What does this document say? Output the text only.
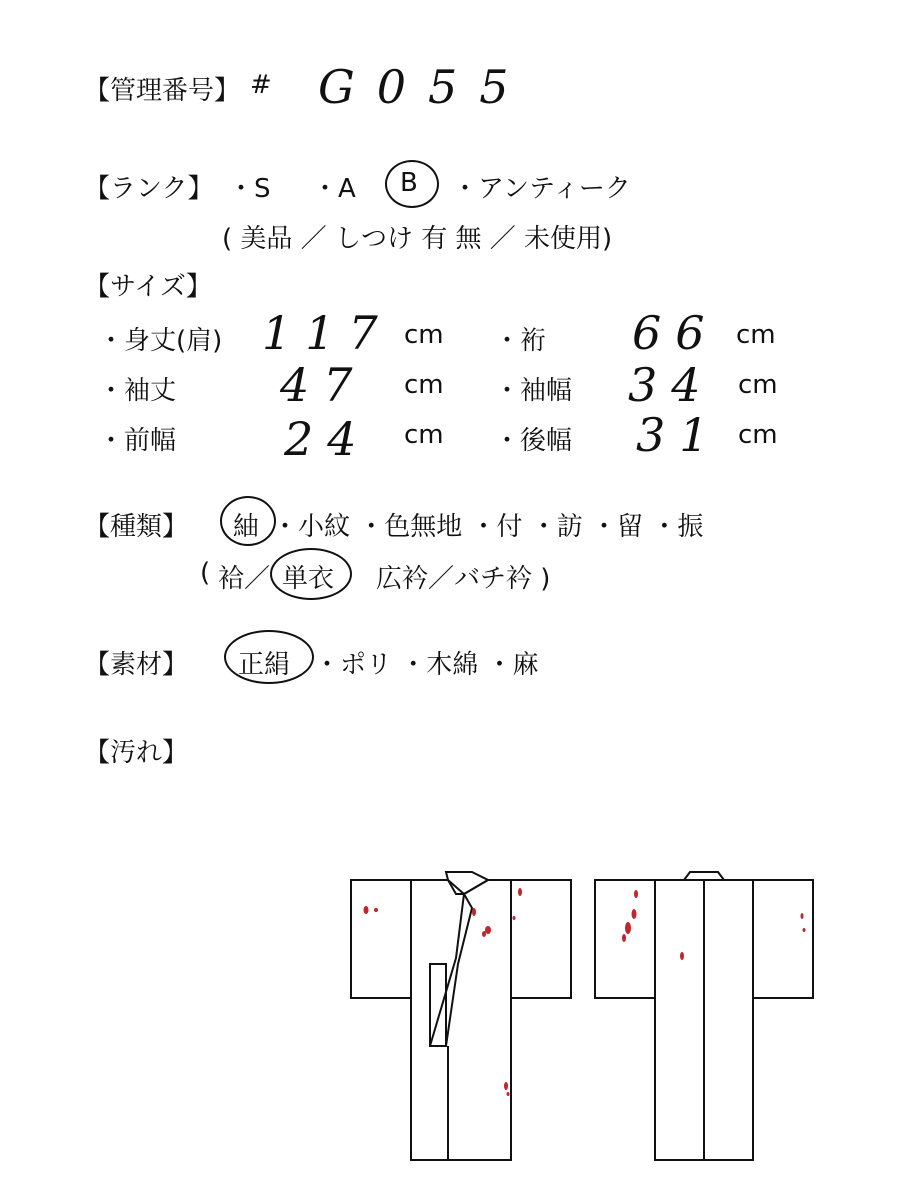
【管理番号】 # G055
【ランク】 ・S ・A B ・アンティーク
( 美品 ／ しつけ 有 無 ／ 未使用)
【サイズ】
・身丈(肩) 117 cm ・裄 66 cm
・袖丈 47 cm ・袖幅 34 cm
・前幅 24 cm ・後幅 31 cm
【種類】 紬 ・小紋 ・色無地 ・付 ・訪 ・留 ・振
( 袷／ 単衣 広衿／バチ衿 )
【素材】 正絹 ・ポリ ・木綿 ・麻
【汚れ】
